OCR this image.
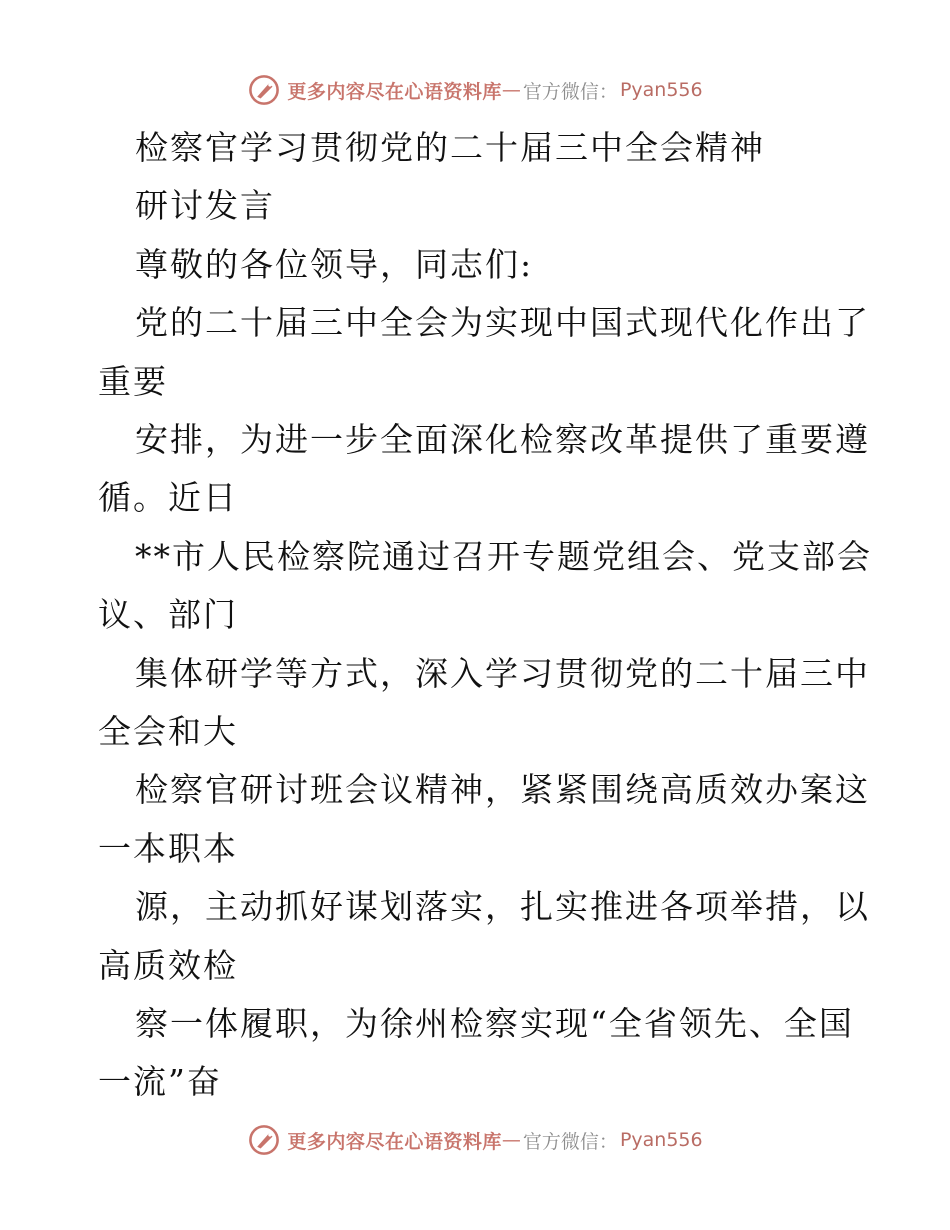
更多内容尽在心语资料库 — 官方微信： Pyan556
检察官学习贯彻党的二十届三中全会精神
研讨发言
尊敬的各位领导，同志们:
党的二十届三中全会为实现中国式现代化作出了
重要
安排，为进一步全面深化检察改革提供了重要遵
循。近日
**市人民检察院通过召开专题党组会、党支部会
议、部门
集体研学等方式，深入学习贯彻党的二十届三中
全会和大
检察官研讨班会议精神，紧紧围绕高质效办案这
一本职本
源，主动抓好谋划落实，扎实推进各项举措，以
高质效检
察一体履职，为徐州检察实现“全省领先、全国
一流”奋
更多内容尽在心语资料库 — 官方微信： Pyan556
